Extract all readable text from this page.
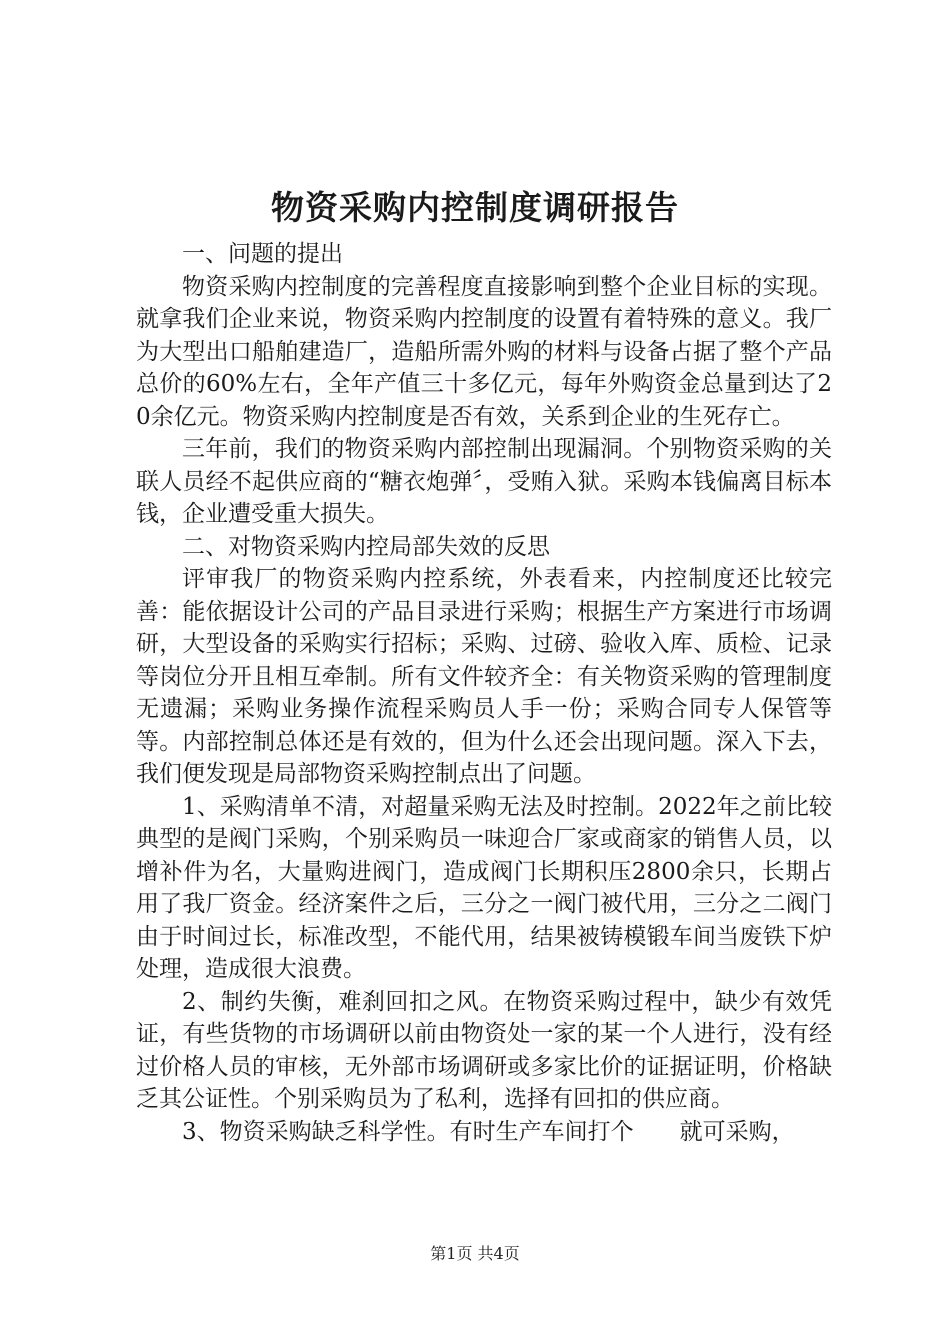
物资采购内控制度调研报告

一、问题的提出

物资采购内控制度的完善程度直接影响到整个企业目标的实现。就拿我们企业来说，物资采购内控制度的设置有着特殊的意义。我厂为大型出口船舶建造厂，造船所需外购的材料与设备占据了整个产品总价的60%左右，全年产值三十多亿元，每年外购资金总量到达了20余亿元。物资采购内控制度是否有效，关系到企业的生死存亡。

三年前，我们的物资采购内部控制出现漏洞。个别物资采购的关联人员经不起供应商的“糖衣炮弹〞，受贿入狱。采购本钱偏离目标本钱，企业遭受重大损失。

二、对物资采购内控局部失效的反思

评审我厂的物资采购内控系统，外表看来，内控制度还比较完善：能依据设计公司的产品目录进行采购；根据生产方案进行市场调研，大型设备的采购实行招标；采购、过磅、验收入库、质检、记录等岗位分开且相互牵制。所有文件较齐全：有关物资采购的管理制度无遗漏；采购业务操作流程采购员人手一份；采购合同专人保管等等。内部控制总体还是有效的，但为什么还会出现问题。深入下去，我们便发现是局部物资采购控制点出了问题。

1、采购清单不清，对超量采购无法及时控制。2022年之前比较典型的是阀门采购，个别采购员一味迎合厂家或商家的销售人员，以增补件为名，大量购进阀门，造成阀门长期积压2800余只，长期占用了我厂资金。经济案件之后，三分之一阀门被代用，三分之二阀门由于时间过长，标准改型，不能代用，结果被铸模锻车间当废铁下炉处理，造成很大浪费。

2、制约失衡，难刹回扣之风。在物资采购过程中，缺少有效凭证，有些货物的市场调研以前由物资处一家的某一个人进行，没有经过价格人员的审核，无外部市场调研或多家比价的证据证明，价格缺乏其公证性。个别采购员为了私利，选择有回扣的供应商。

3、物资采购缺乏科学性。有时生产车间打个　　就可采购，

第1页 共4页
